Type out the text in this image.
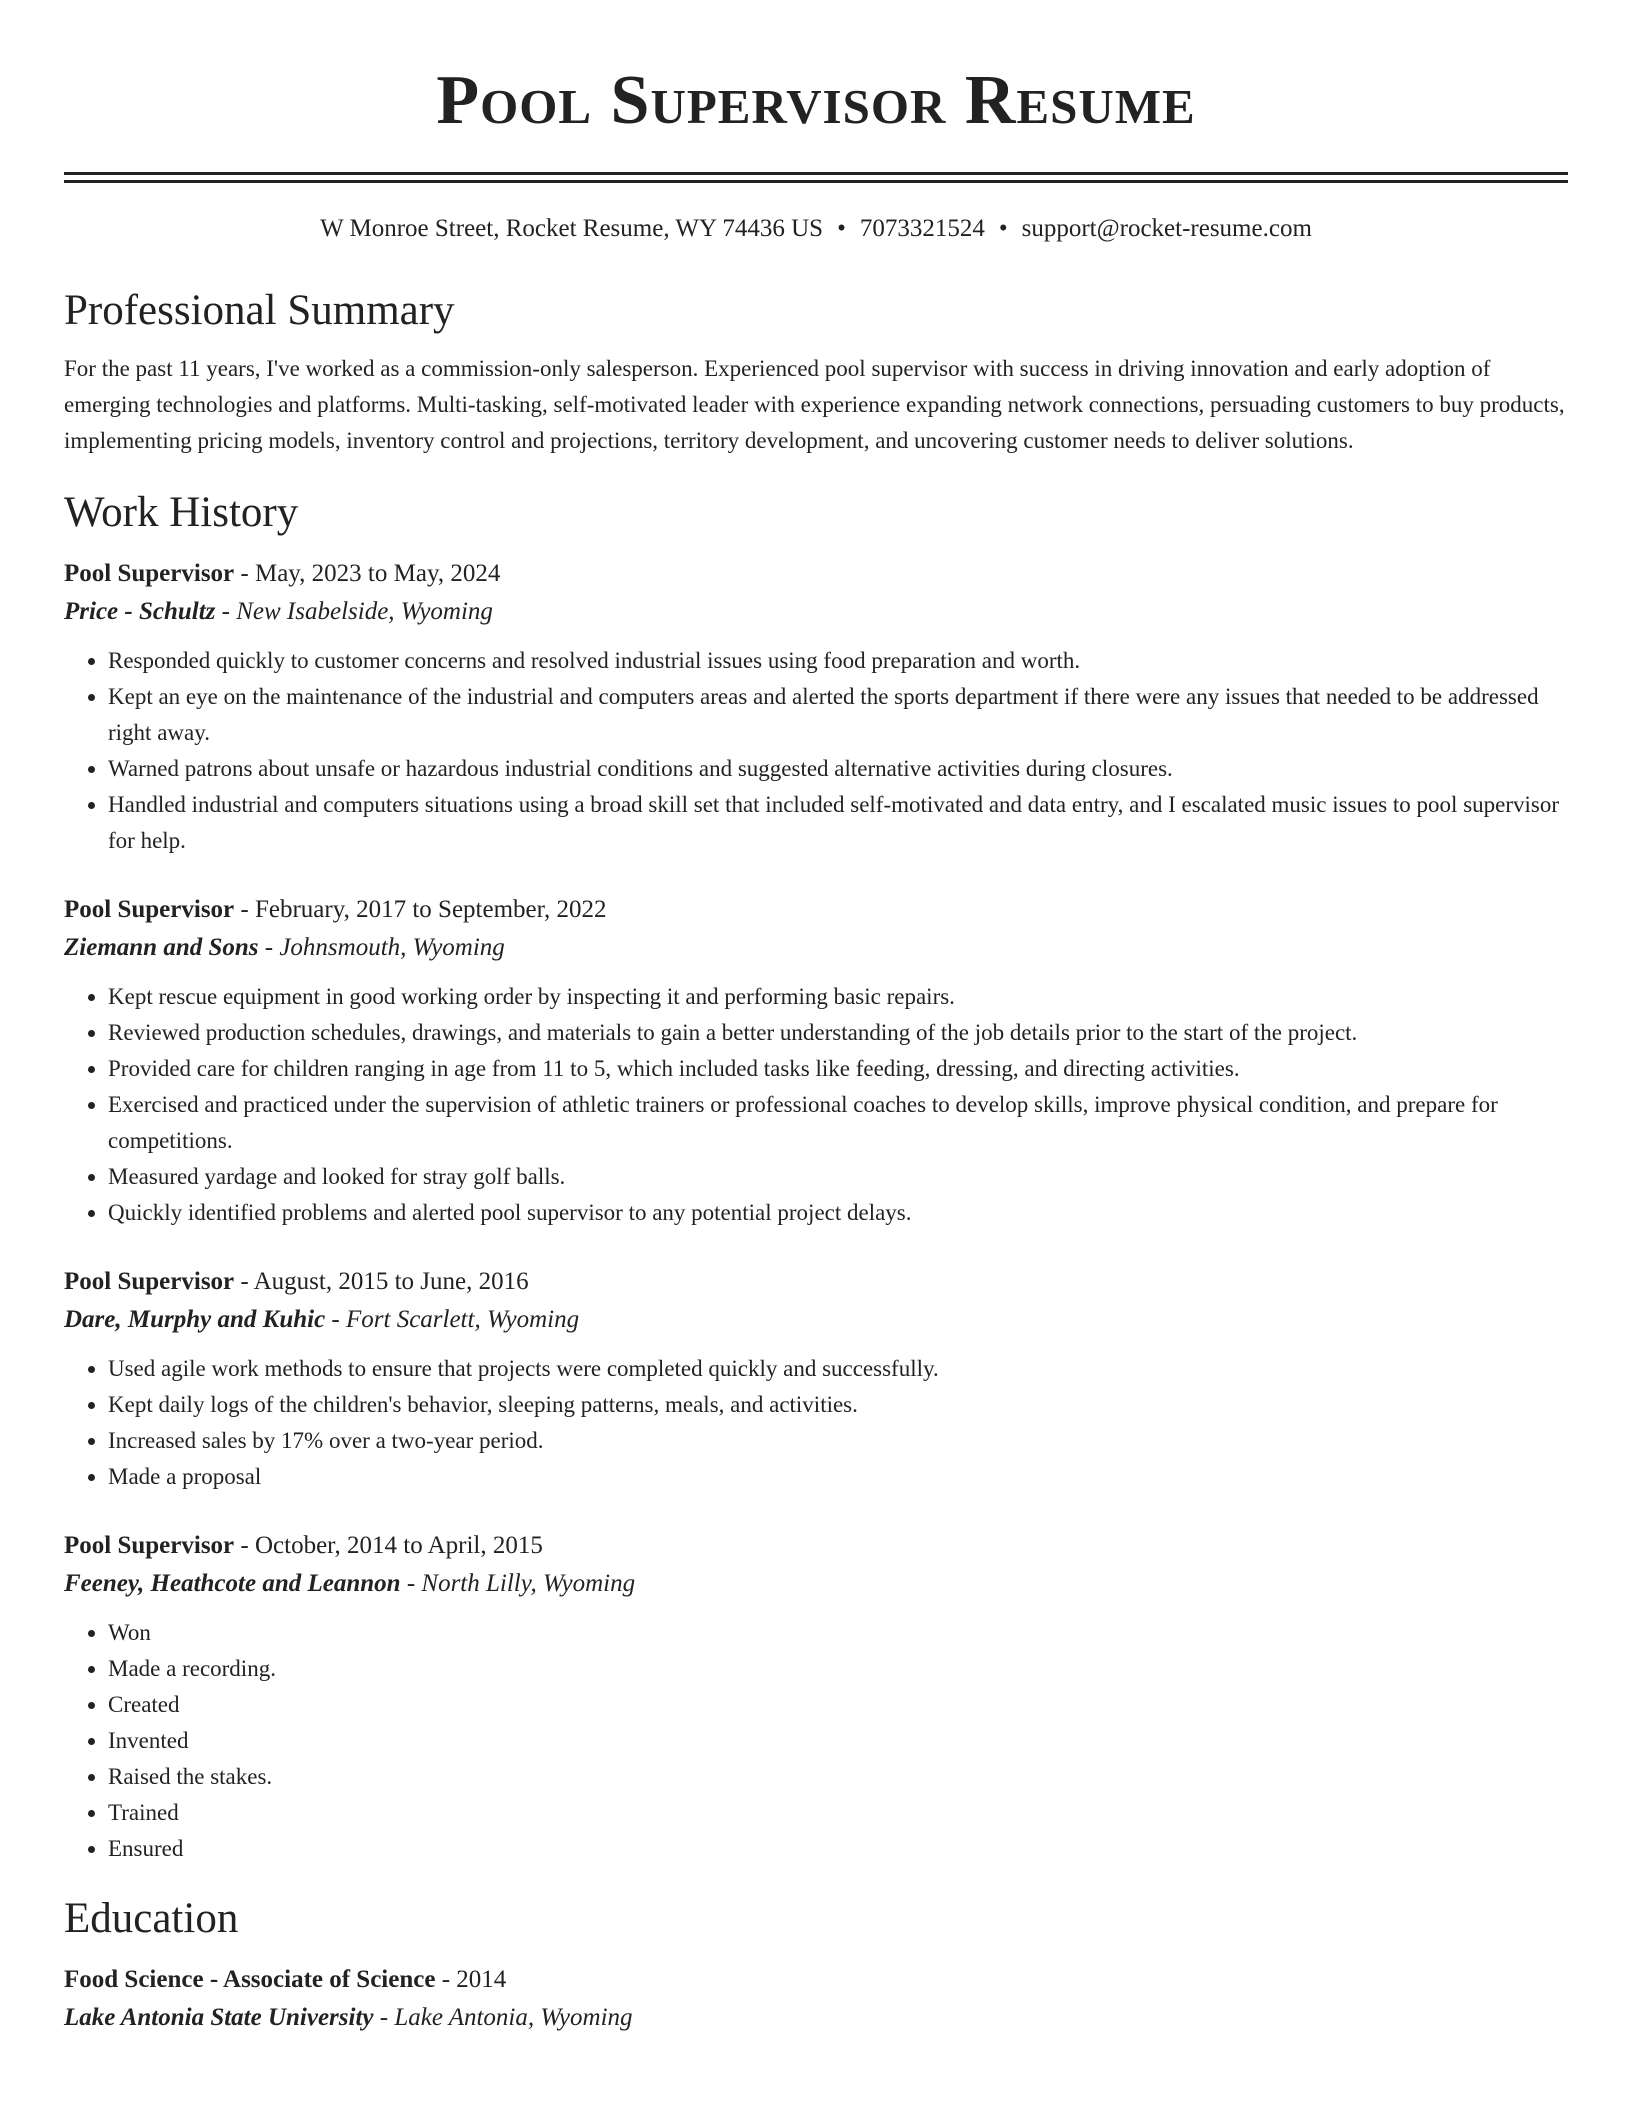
Pool Supervisor Resume
W Monroe Street, Rocket Resume, WY 74436 US • 7073321524 • support@rocket-resume.com
Professional Summary

For the past 11 years, I've worked as a commission-only salesperson. Experienced pool supervisor with success in driving innovation and early adoption of emerging technologies and platforms. Multi-tasking, self-motivated leader with experience expanding network connections, persuading customers to buy products, implementing pricing models, inventory control and projections, territory development, and uncovering customer needs to deliver solutions.

Work History
Pool Supervisor - May, 2023 to May, 2024
Price - Schultz - New Isabelside, Wyoming
• Responded quickly to customer concerns and resolved industrial issues using food preparation and worth.
• Kept an eye on the maintenance of the industrial and computers areas and alerted the sports department if there were any issues that needed to be addressed right away.
• Warned patrons about unsafe or hazardous industrial conditions and suggested alternative activities during closures.
• Handled industrial and computers situations using a broad skill set that included self-motivated and data entry, and I escalated music issues to pool supervisor for help.
Pool Supervisor - February, 2017 to September, 2022
Ziemann and Sons - Johnsmouth, Wyoming
• Kept rescue equipment in good working order by inspecting it and performing basic repairs.
• Reviewed production schedules, drawings, and materials to gain a better understanding of the job details prior to the start of the project.
• Provided care for children ranging in age from 11 to 5, which included tasks like feeding, dressing, and directing activities.
• Exercised and practiced under the supervision of athletic trainers or professional coaches to develop skills, improve physical condition, and prepare for competitions.
• Measured yardage and looked for stray golf balls.
• Quickly identified problems and alerted pool supervisor to any potential project delays.
Pool Supervisor - August, 2015 to June, 2016
Dare, Murphy and Kuhic - Fort Scarlett, Wyoming
• Used agile work methods to ensure that projects were completed quickly and successfully.
• Kept daily logs of the children's behavior, sleeping patterns, meals, and activities.
• Increased sales by 17% over a two-year period.
• Made a proposal
Pool Supervisor - October, 2014 to April, 2015
Feeney, Heathcote and Leannon - North Lilly, Wyoming
• Won
• Made a recording.
• Created
• Invented
• Raised the stakes.
• Trained
• Ensured
Education
Food Science - Associate of Science - 2014
Lake Antonia State University - Lake Antonia, Wyoming
